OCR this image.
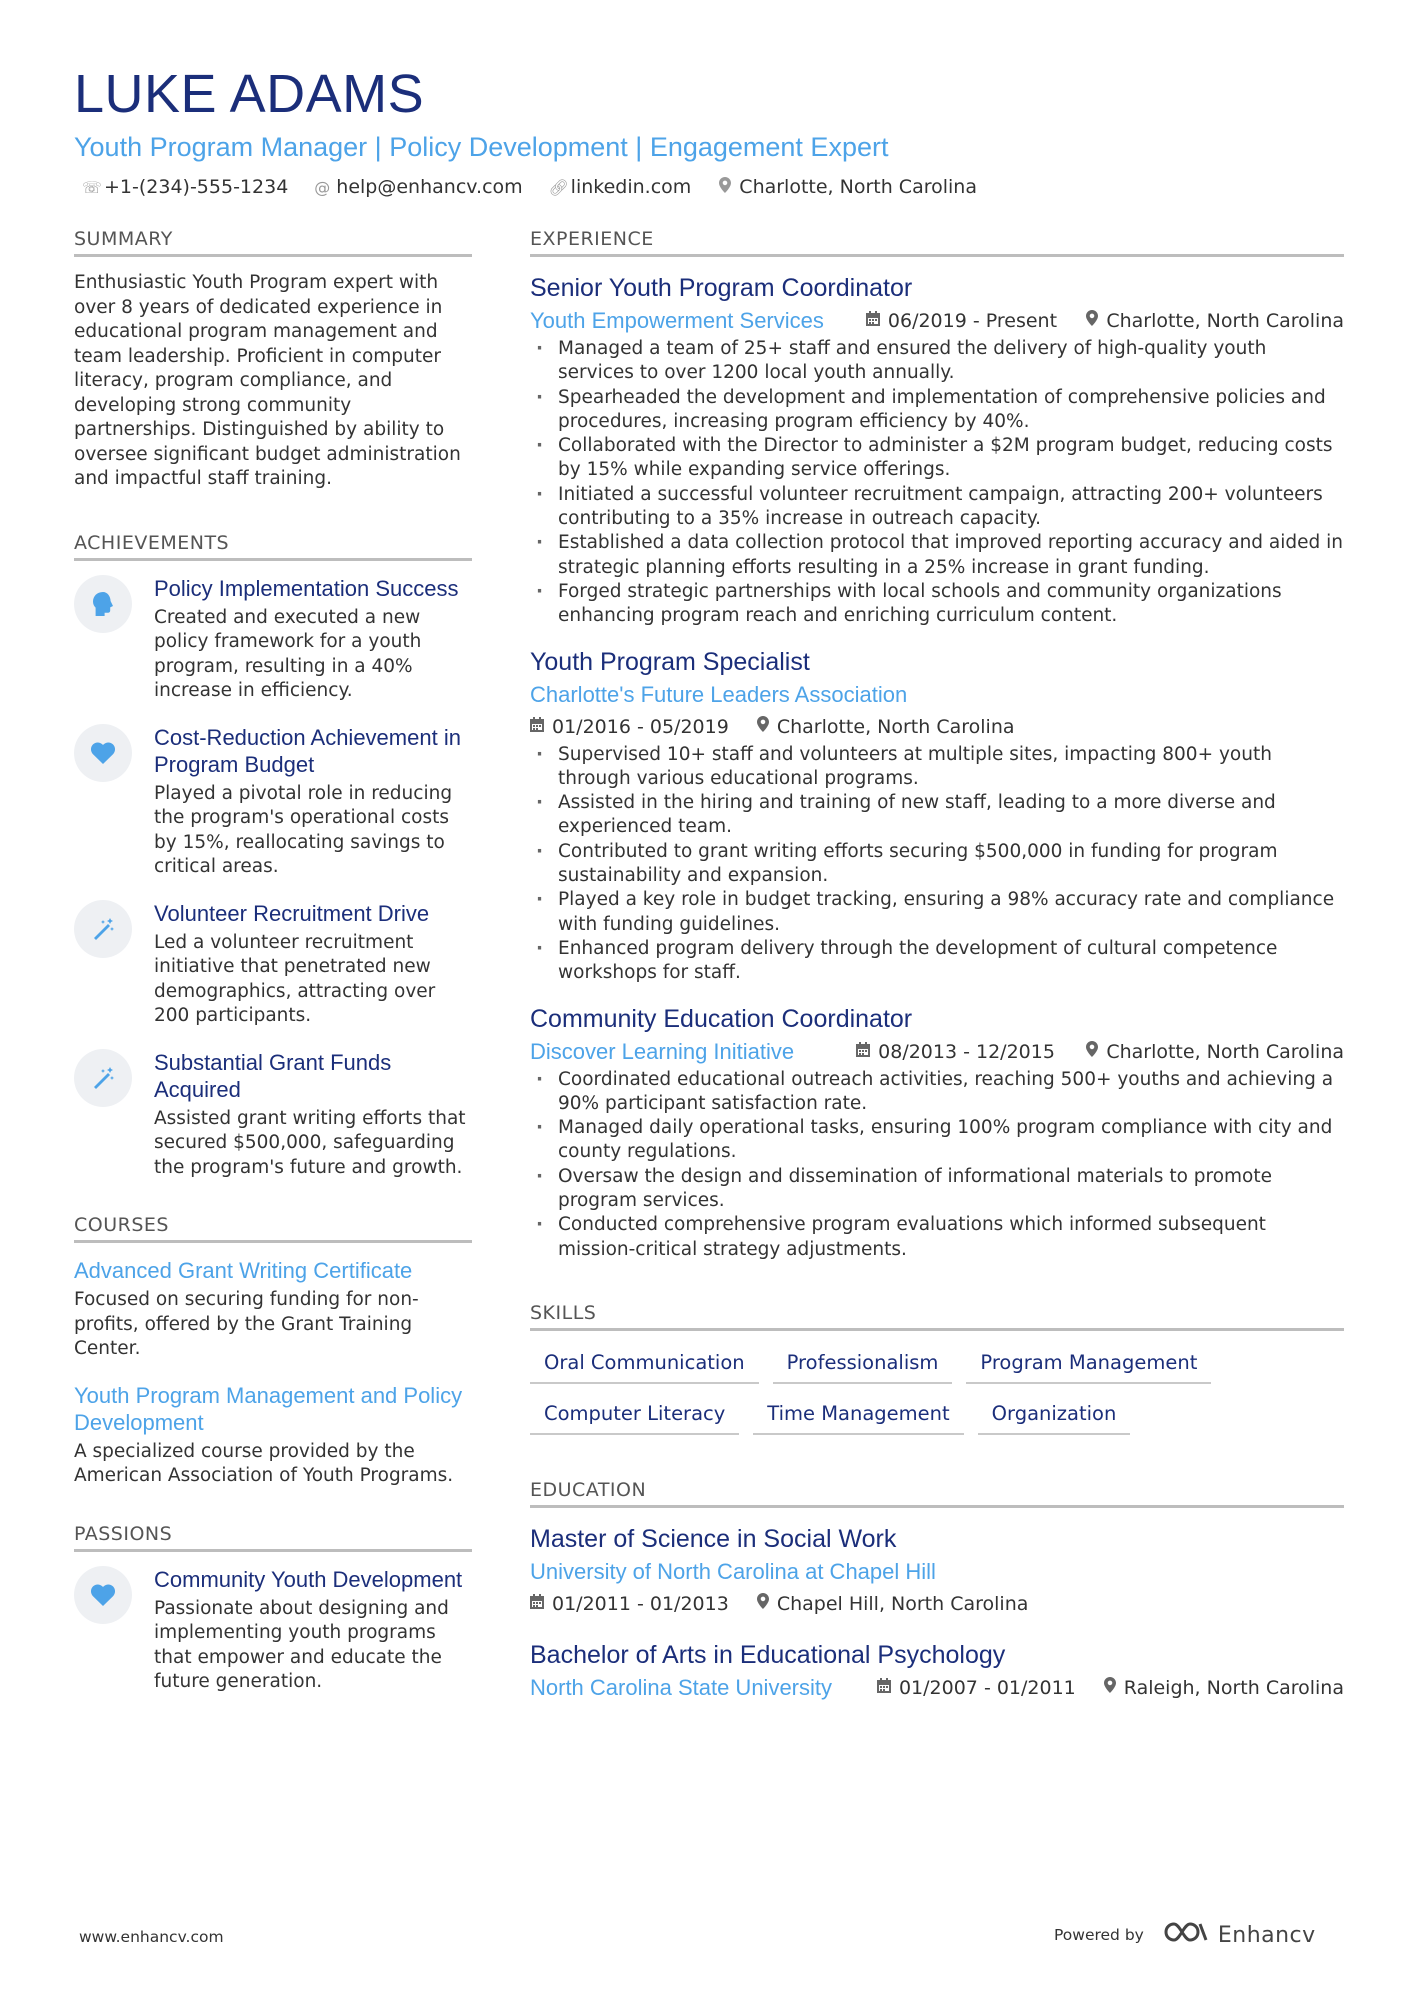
LUKE ADAMS
Youth Program Manager | Policy Development | Engagement Expert
☏ +1-(234)-555-1234 @ help@enhancv.com 🔗︎ linkedin.com	Charlotte, North Carolina
SUMMARY
Enthusiastic Youth Program expert with over 8 years of dedicated experience in educational program management and team leadership. Proficient in computer literacy, program compliance, and developing strong community partnerships. Distinguished by ability to oversee significant budget administration and impactful staff training.
ACHIEVEMENTS
Policy Implementation Success
Created and executed a new policy framework for a youth program, resulting in a 40% increase in efficiency.
Cost-Reduction Achievement in Program Budget
Played a pivotal role in reducing the program's operational costs by 15%, reallocating savings to critical areas.
Volunteer Recruitment Drive
Led a volunteer recruitment initiative that penetrated new demographics, attracting over 200 participants.
Substantial Grant Funds Acquired
Assisted grant writing efforts that secured $500,000, safeguarding the program's future and growth.
COURSES
Advanced Grant Writing Certificate
Focused on securing funding for non-profits, offered by the Grant Training Center.
Youth Program Management and Policy Development
A specialized course provided by the American Association of Youth Programs.
PASSIONS
Community Youth Development
Passionate about designing and implementing youth programs that empower and educate the future generation.
EXPERIENCE
Senior Youth Program Coordinator
Youth Empowerment Services	06/2019 - Present	Charlotte, North Carolina
· Managed a team of 25+ staff and ensured the delivery of high-quality youth services to over 1200 local youth annually.
· Spearheaded the development and implementation of comprehensive policies and procedures, increasing program efficiency by 40%.
· Collaborated with the Director to administer a $2M program budget, reducing costs by 15% while expanding service offerings.
· Initiated a successful volunteer recruitment campaign, attracting 200+ volunteers contributing to a 35% increase in outreach capacity.
· Established a data collection protocol that improved reporting accuracy and aided in strategic planning efforts resulting in a 25% increase in grant funding.
· Forged strategic partnerships with local schools and community organizations enhancing program reach and enriching curriculum content.
Youth Program Specialist
Charlotte's Future Leaders Association
01/2016 - 05/2019	Charlotte, North Carolina
· Supervised 10+ staff and volunteers at multiple sites, impacting 800+ youth through various educational programs.
· Assisted in the hiring and training of new staff, leading to a more diverse and experienced team.
· Contributed to grant writing efforts securing $500,000 in funding for program sustainability and expansion.
· Played a key role in budget tracking, ensuring a 98% accuracy rate and compliance with funding guidelines.
· Enhanced program delivery through the development of cultural competence workshops for staff.
Community Education Coordinator
Discover Learning Initiative	08/2013 - 12/2015	Charlotte, North Carolina
· Coordinated educational outreach activities, reaching 500+ youths and achieving a 90% participant satisfaction rate.
· Managed daily operational tasks, ensuring 100% program compliance with city and county regulations.
· Oversaw the design and dissemination of informational materials to promote program services.
· Conducted comprehensive program evaluations which informed subsequent mission-critical strategy adjustments.
SKILLS
Oral Communication	Professionalism	Program Management
Computer Literacy	Time Management	Organization
EDUCATION
Master of Science in Social Work
University of North Carolina at Chapel Hill
01/2011 - 01/2013	Chapel Hill, North Carolina
Bachelor of Arts in Educational Psychology
North Carolina State University	01/2007 - 01/2011	Raleigh, North Carolina
www.enhancv.com	Powered by	Enhancv
